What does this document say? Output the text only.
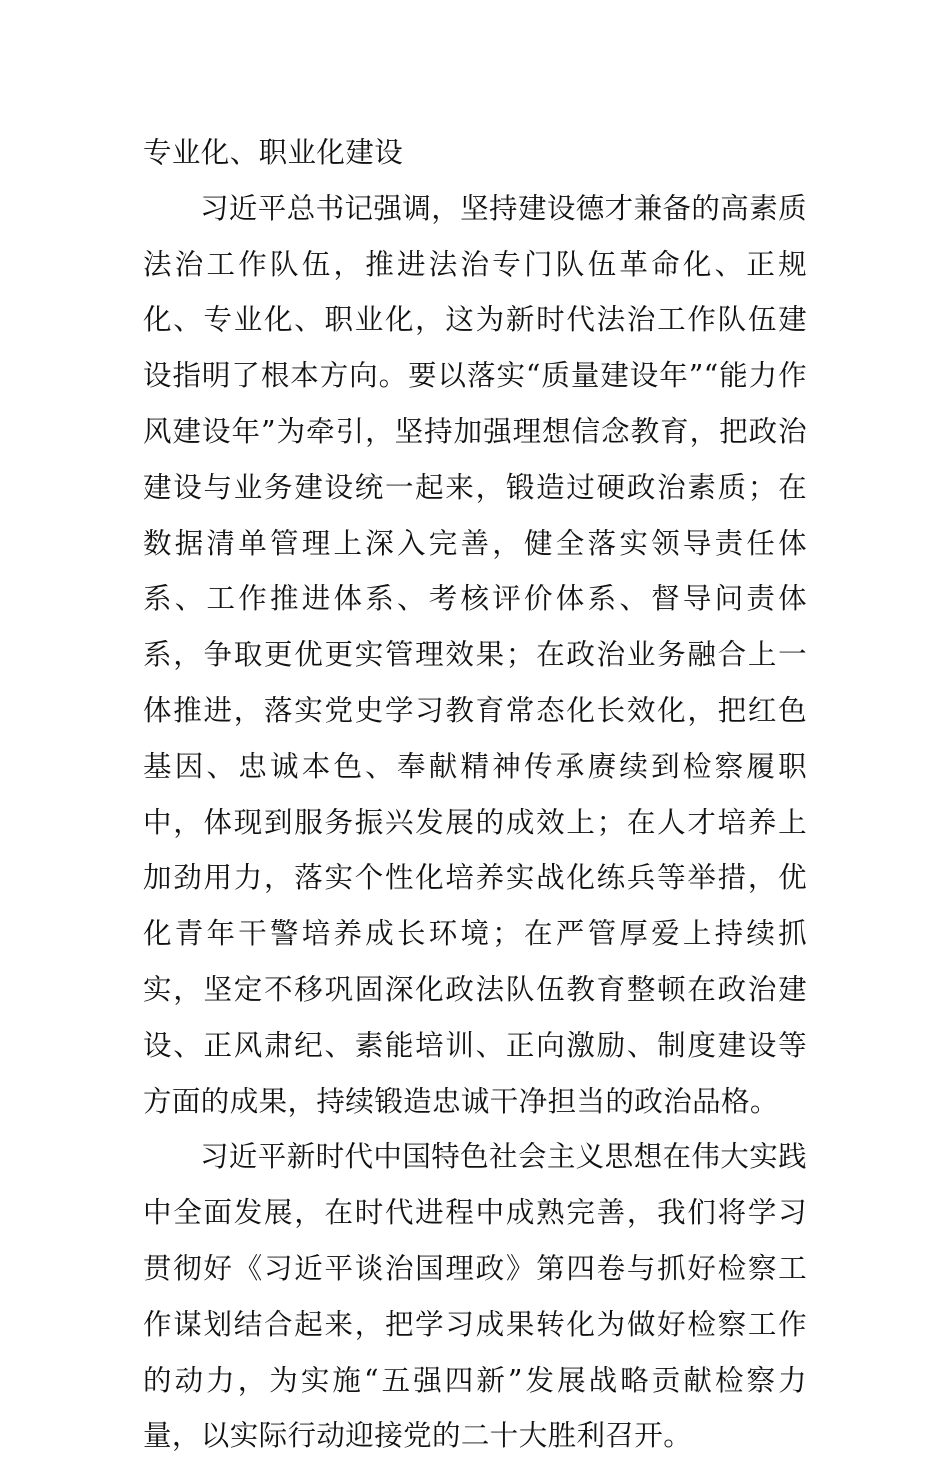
专业化、职业化建设

习近平总书记强调，坚持建设德才兼备的高素质法治工作队伍，推进法治专门队伍革命化、正规化、专业化、职业化，这为新时代法治工作队伍建设指明了根本方向。要以落实“质量建设年”“能力作风建设年”为牵引，坚持加强理想信念教育，把政治建设与业务建设统一起来，锻造过硬政治素质；在数据清单管理上深入完善，健全落实领导责任体系、工作推进体系、考核评价体系、督导问责体系，争取更优更实管理效果；在政治业务融合上一体推进，落实党史学习教育常态化长效化，把红色基因、忠诚本色、奉献精神传承赓续到检察履职中，体现到服务振兴发展的成效上；在人才培养上加劲用力，落实个性化培养实战化练兵等举措，优化青年干警培养成长环境；在严管厚爱上持续抓实，坚定不移巩固深化政法队伍教育整顿在政治建设、正风肃纪、素能培训、正向激励、制度建设等方面的成果，持续锻造忠诚干净担当的政治品格。

习近平新时代中国特色社会主义思想在伟大实践中全面发展，在时代进程中成熟完善，我们将学习贯彻好《习近平谈治国理政》第四卷与抓好检察工作谋划结合起来，把学习成果转化为做好检察工作的动力，为实施“五强四新”发展战略贡献检察力量，以实际行动迎接党的二十大胜利召开。
